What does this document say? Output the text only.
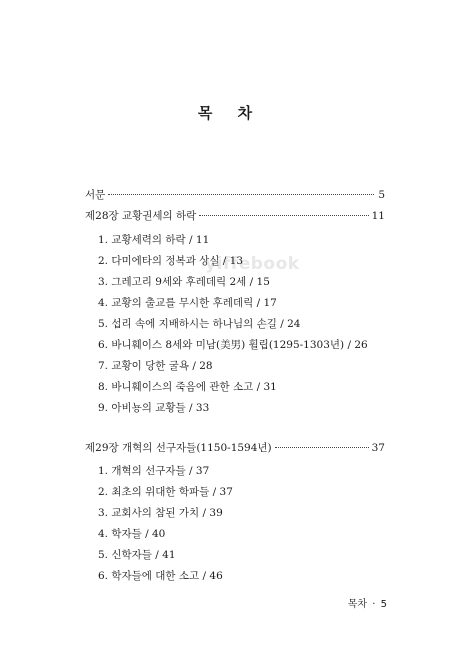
목 차
yiffebook
서문	5
제28장 교황권세의 하락	11
1. 교황세력의 하락 / 11
2. 다미에타의 정복과 상실 / 13
3. 그레고리 9세와 후레데릭 2세 / 15
4. 교황의 출교를 무시한 후레데릭 / 17
5. 섭리 속에 지배하시는 하나님의 손길 / 24
6. 바니훼이스 8세와 미남(美男) 휠립(1295-1303년) / 26
7. 교황이 당한 굴욕 / 28
8. 바니훼이스의 죽음에 관한 소고 / 31
9. 아비뇽의 교황들 / 33
제29장 개혁의 선구자들(1150-1594년)	37
1. 개혁의 선구자들 / 37
2. 최초의 위대한 학파들 / 37
3. 교회사의 참된 가치 / 39
4. 학자들 / 40
5. 신학자들 / 41
6. 학자들에 대한 소고 / 46
목차 · 5
